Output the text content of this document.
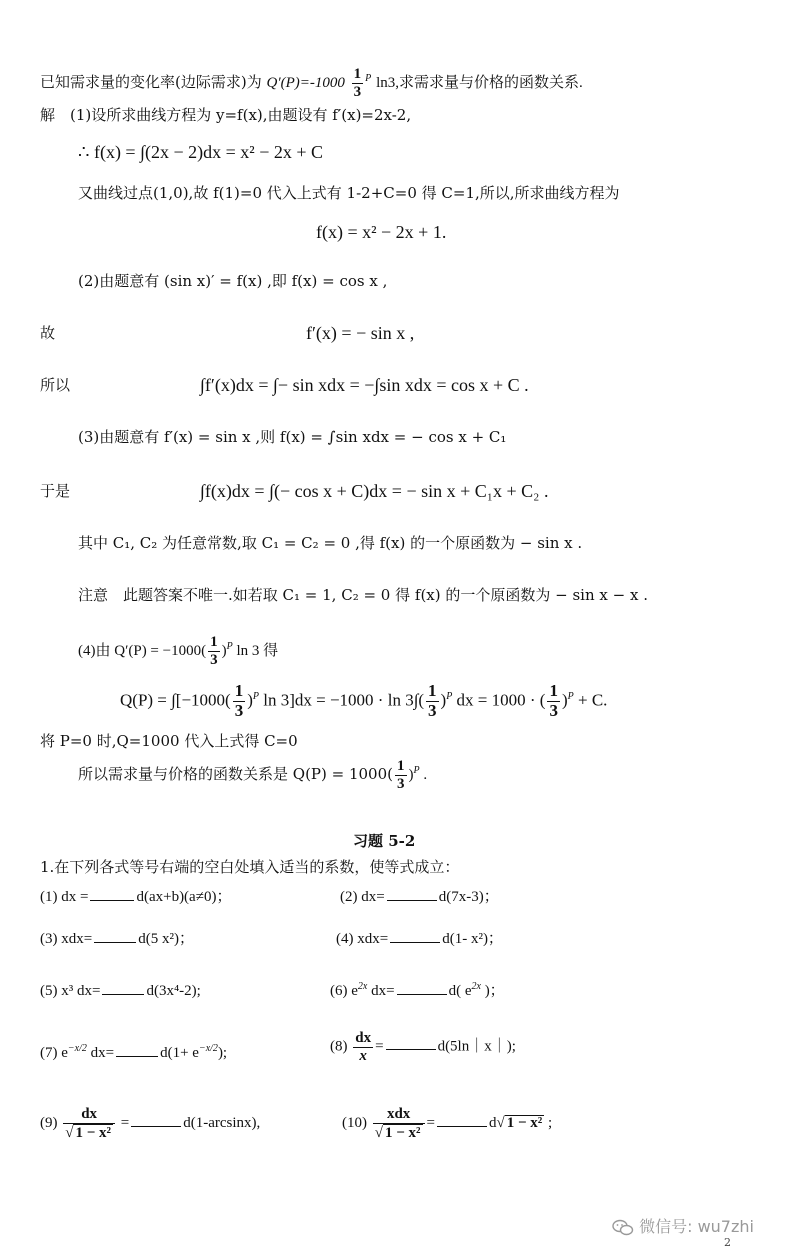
已知需求量的变化率(边际需求)为 $Q'(P)=-1000 \frac{1}{3} ^P$ ln3,求需求量与价格的函数关系.
解　(1)设所求曲线方程为 y=f(x),由题设有 f′(x)=2x-2,
∴ f(x) = ∫(2x − 2)dx = x² − 2x + C
又曲线过点(1,0),故 f(1)=0 代入上式有 1-2+C=0 得 C=1,所以,所求曲线方程为
f(x) = x² − 2x + 1.
(2)由题意有 (sin x)′ = f(x) ,即 f(x) = cos x ,
故	f′(x) = − sin x ,
所以	∫f′(x)dx = ∫− sin xdx = −∫sin xdx = cos x + C .
(3)由题意有 f′(x) = sin x ,则 f(x) = ∫sin xdx = − cos x + C₁
于是	∫f(x)dx = ∫(− cos x + C)dx = − sin x + C₁x + C₂ .
其中 C₁, C₂ 为任意常数,取 C₁ = C₂ = 0 ,得 f(x) 的一个原函数为 − sin x .
注意　此题答案不唯一.如若取 C₁ = 1, C₂ = 0 得 f(x) 的一个原函数为 − sin x − x .
(4)由 $Q'(P) = -1000( \frac{1}{3} )^P$ ln 3 得
$Q(P) = \int[-1000( \frac{1}{3} )^P$ $\ln 3]dx = -1000 \cdot \ln 3\int( \frac{1}{3} )^P$ dx = 1000 · ( $\frac{1}{3} )^P + C$.
将 P=0 时,Q=1000 代入上式得 C=0
所以需求量与价格的函数关系是 $Q(P) = 1000( \frac{1}{3} )^P$ .
习题 5-2
1.在下列各式等号右端的空白处填入适当的系数，使等式成立：
(1) dx =	d(ax+b)(a≠0)；	(2) dx=	d(7x-3)；
(3) xdx=	d(5 x²)；	(4) xdx=	d(1- x²)；
(5) x³ dx=	d(3x⁴-2);	(6) $e^{2x}$ dx=	d( $e^{2x}$ )；
(7) $e^{-x/2}$ dx=	$d(1+ e^{-x/2})$;	$(8) \frac{dx}{x}$ =	d(5ln｜x｜);
$(9) \frac{dx}{\text{√ 1 − x²}}$ =	d(1-arcsinx),	$(10) \frac{\text{xdx}}{\text{√ 1 − x²}}$ =	d√ 1 − x² ;
微信号: wu7zhi
2
